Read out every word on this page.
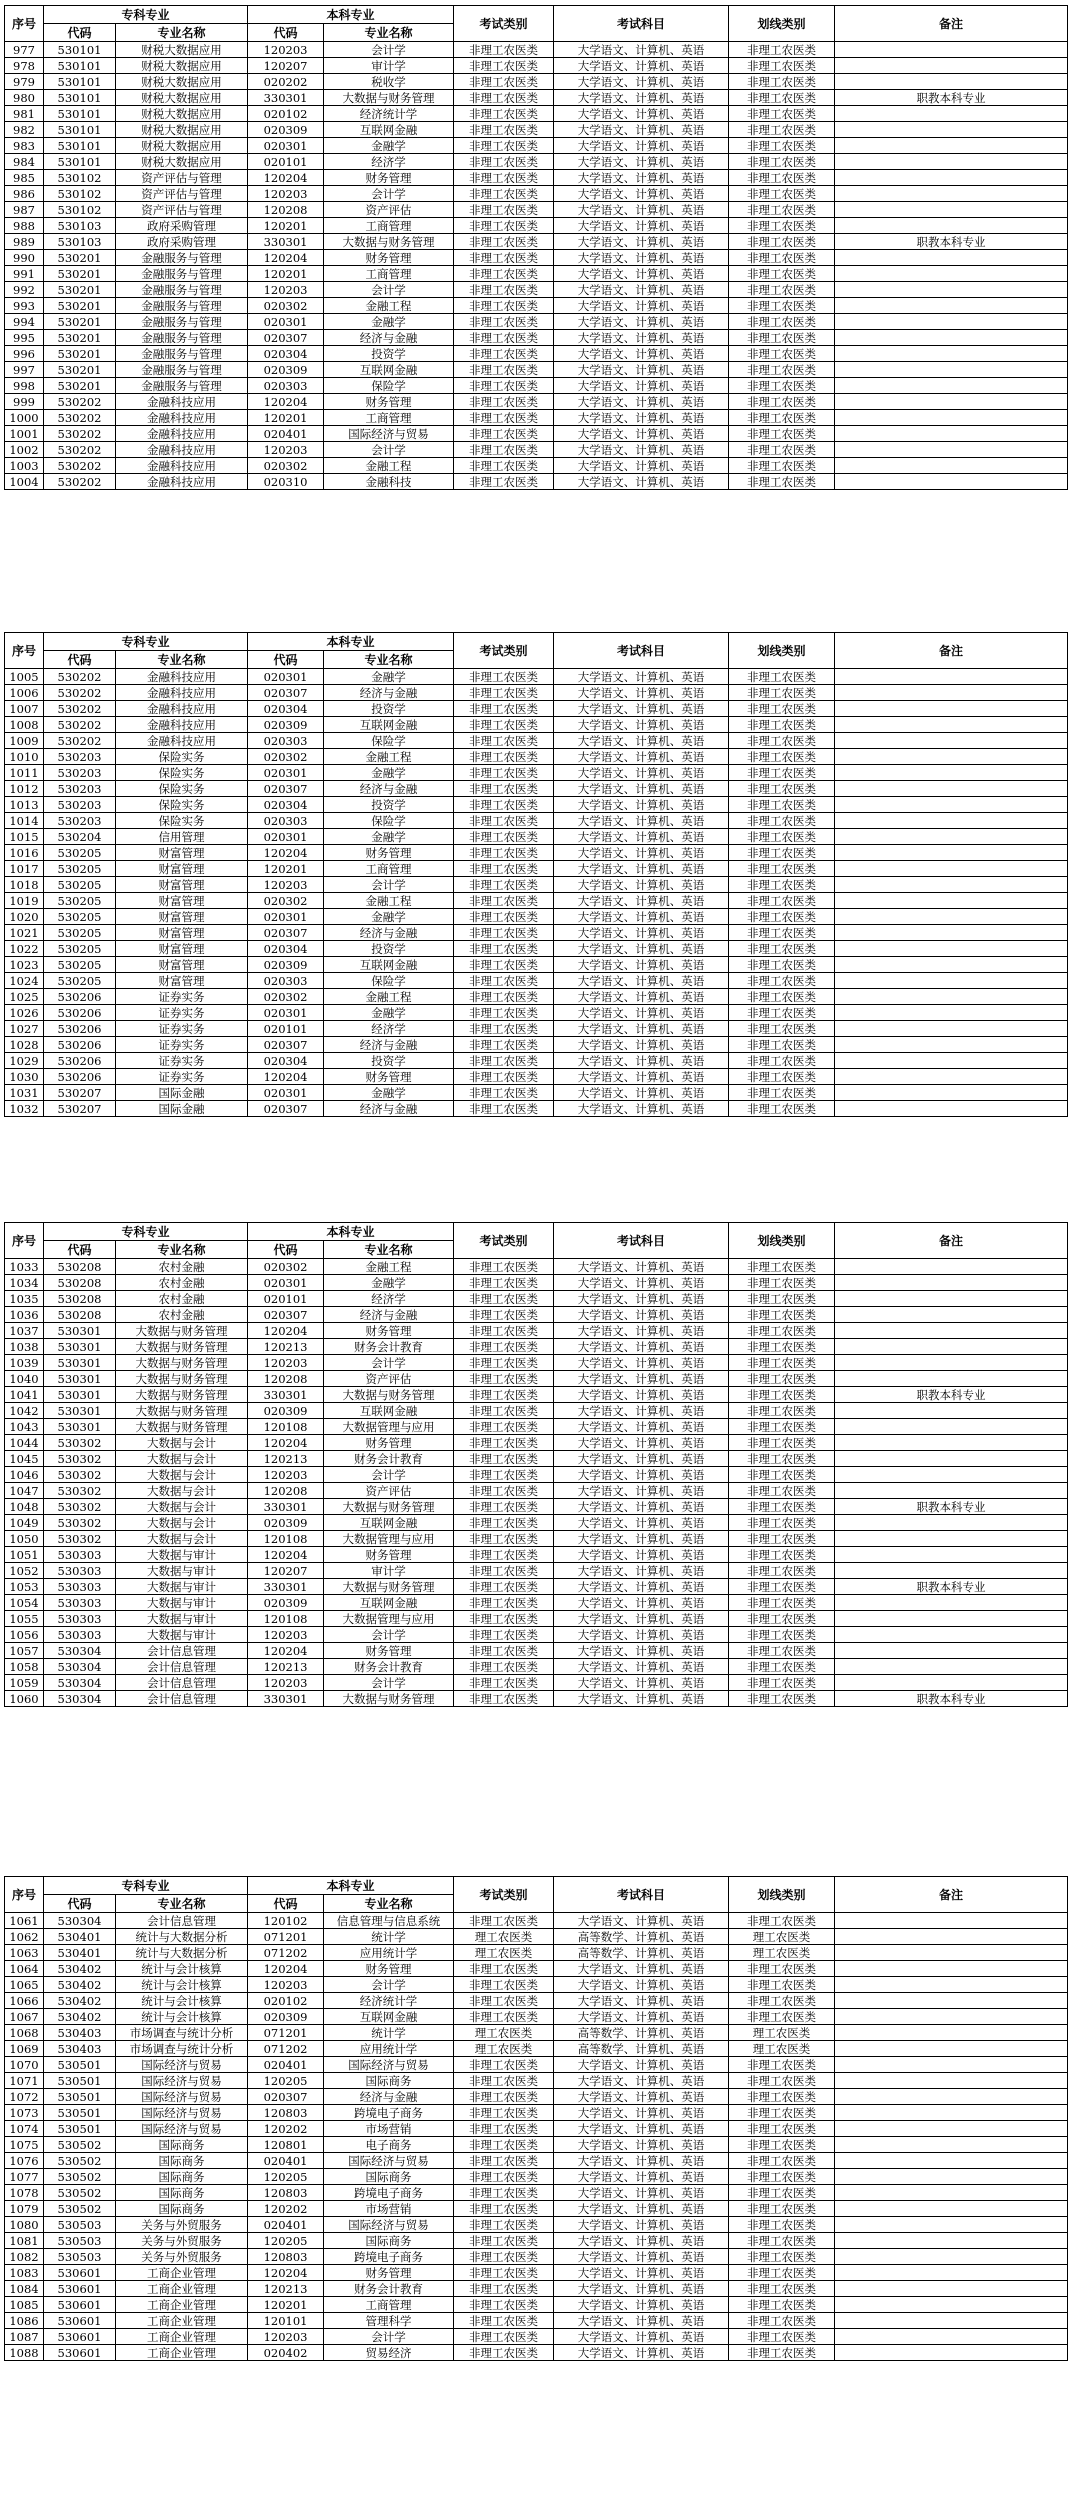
序号	专科专业		本科专业		考试类别	考试科目	划线类别	备注
	代码	专业名称	代码	专业名称				
977	530101	财税大数据应用	120203	会计学	非理工农医类	大学语文、计算机、英语	非理工农医类	
978	530101	财税大数据应用	120207	审计学	非理工农医类	大学语文、计算机、英语	非理工农医类	
979	530101	财税大数据应用	020202	税收学	非理工农医类	大学语文、计算机、英语	非理工农医类	
980	530101	财税大数据应用	330301	大数据与财务管理	非理工农医类	大学语文、计算机、英语	非理工农医类	职教本科专业
981	530101	财税大数据应用	020102	经济统计学	非理工农医类	大学语文、计算机、英语	非理工农医类	
982	530101	财税大数据应用	020309	互联网金融	非理工农医类	大学语文、计算机、英语	非理工农医类	
983	530101	财税大数据应用	020301	金融学	非理工农医类	大学语文、计算机、英语	非理工农医类	
984	530101	财税大数据应用	020101	经济学	非理工农医类	大学语文、计算机、英语	非理工农医类	
985	530102	资产评估与管理	120204	财务管理	非理工农医类	大学语文、计算机、英语	非理工农医类	
986	530102	资产评估与管理	120203	会计学	非理工农医类	大学语文、计算机、英语	非理工农医类	
987	530102	资产评估与管理	120208	资产评估	非理工农医类	大学语文、计算机、英语	非理工农医类	
988	530103	政府采购管理	120201	工商管理	非理工农医类	大学语文、计算机、英语	非理工农医类	
989	530103	政府采购管理	330301	大数据与财务管理	非理工农医类	大学语文、计算机、英语	非理工农医类	职教本科专业
990	530201	金融服务与管理	120204	财务管理	非理工农医类	大学语文、计算机、英语	非理工农医类	
991	530201	金融服务与管理	120201	工商管理	非理工农医类	大学语文、计算机、英语	非理工农医类	
992	530201	金融服务与管理	120203	会计学	非理工农医类	大学语文、计算机、英语	非理工农医类	
993	530201	金融服务与管理	020302	金融工程	非理工农医类	大学语文、计算机、英语	非理工农医类	
994	530201	金融服务与管理	020301	金融学	非理工农医类	大学语文、计算机、英语	非理工农医类	
995	530201	金融服务与管理	020307	经济与金融	非理工农医类	大学语文、计算机、英语	非理工农医类	
996	530201	金融服务与管理	020304	投资学	非理工农医类	大学语文、计算机、英语	非理工农医类	
997	530201	金融服务与管理	020309	互联网金融	非理工农医类	大学语文、计算机、英语	非理工农医类	
998	530201	金融服务与管理	020303	保险学	非理工农医类	大学语文、计算机、英语	非理工农医类	
999	530202	金融科技应用	120204	财务管理	非理工农医类	大学语文、计算机、英语	非理工农医类	
1000	530202	金融科技应用	120201	工商管理	非理工农医类	大学语文、计算机、英语	非理工农医类	
1001	530202	金融科技应用	020401	国际经济与贸易	非理工农医类	大学语文、计算机、英语	非理工农医类	
1002	530202	金融科技应用	120203	会计学	非理工农医类	大学语文、计算机、英语	非理工农医类	
1003	530202	金融科技应用	020302	金融工程	非理工农医类	大学语文、计算机、英语	非理工农医类	
1004	530202	金融科技应用	020310	金融科技	非理工农医类	大学语文、计算机、英语	非理工农医类	
序号	专科专业		本科专业		考试类别	考试科目	划线类别	备注
	代码	专业名称	代码	专业名称				
1005	530202	金融科技应用	020301	金融学	非理工农医类	大学语文、计算机、英语	非理工农医类	
1006	530202	金融科技应用	020307	经济与金融	非理工农医类	大学语文、计算机、英语	非理工农医类	
1007	530202	金融科技应用	020304	投资学	非理工农医类	大学语文、计算机、英语	非理工农医类	
1008	530202	金融科技应用	020309	互联网金融	非理工农医类	大学语文、计算机、英语	非理工农医类	
1009	530202	金融科技应用	020303	保险学	非理工农医类	大学语文、计算机、英语	非理工农医类	
1010	530203	保险实务	020302	金融工程	非理工农医类	大学语文、计算机、英语	非理工农医类	
1011	530203	保险实务	020301	金融学	非理工农医类	大学语文、计算机、英语	非理工农医类	
1012	530203	保险实务	020307	经济与金融	非理工农医类	大学语文、计算机、英语	非理工农医类	
1013	530203	保险实务	020304	投资学	非理工农医类	大学语文、计算机、英语	非理工农医类	
1014	530203	保险实务	020303	保险学	非理工农医类	大学语文、计算机、英语	非理工农医类	
1015	530204	信用管理	020301	金融学	非理工农医类	大学语文、计算机、英语	非理工农医类	
1016	530205	财富管理	120204	财务管理	非理工农医类	大学语文、计算机、英语	非理工农医类	
1017	530205	财富管理	120201	工商管理	非理工农医类	大学语文、计算机、英语	非理工农医类	
1018	530205	财富管理	120203	会计学	非理工农医类	大学语文、计算机、英语	非理工农医类	
1019	530205	财富管理	020302	金融工程	非理工农医类	大学语文、计算机、英语	非理工农医类	
1020	530205	财富管理	020301	金融学	非理工农医类	大学语文、计算机、英语	非理工农医类	
1021	530205	财富管理	020307	经济与金融	非理工农医类	大学语文、计算机、英语	非理工农医类	
1022	530205	财富管理	020304	投资学	非理工农医类	大学语文、计算机、英语	非理工农医类	
1023	530205	财富管理	020309	互联网金融	非理工农医类	大学语文、计算机、英语	非理工农医类	
1024	530205	财富管理	020303	保险学	非理工农医类	大学语文、计算机、英语	非理工农医类	
1025	530206	证券实务	020302	金融工程	非理工农医类	大学语文、计算机、英语	非理工农医类	
1026	530206	证券实务	020301	金融学	非理工农医类	大学语文、计算机、英语	非理工农医类	
1027	530206	证券实务	020101	经济学	非理工农医类	大学语文、计算机、英语	非理工农医类	
1028	530206	证券实务	020307	经济与金融	非理工农医类	大学语文、计算机、英语	非理工农医类	
1029	530206	证券实务	020304	投资学	非理工农医类	大学语文、计算机、英语	非理工农医类	
1030	530206	证券实务	120204	财务管理	非理工农医类	大学语文、计算机、英语	非理工农医类	
1031	530207	国际金融	020301	金融学	非理工农医类	大学语文、计算机、英语	非理工农医类	
1032	530207	国际金融	020307	经济与金融	非理工农医类	大学语文、计算机、英语	非理工农医类	
序号	专科专业		本科专业		考试类别	考试科目	划线类别	备注
	代码	专业名称	代码	专业名称				
1033	530208	农村金融	020302	金融工程	非理工农医类	大学语文、计算机、英语	非理工农医类	
1034	530208	农村金融	020301	金融学	非理工农医类	大学语文、计算机、英语	非理工农医类	
1035	530208	农村金融	020101	经济学	非理工农医类	大学语文、计算机、英语	非理工农医类	
1036	530208	农村金融	020307	经济与金融	非理工农医类	大学语文、计算机、英语	非理工农医类	
1037	530301	大数据与财务管理	120204	财务管理	非理工农医类	大学语文、计算机、英语	非理工农医类	
1038	530301	大数据与财务管理	120213	财务会计教育	非理工农医类	大学语文、计算机、英语	非理工农医类	
1039	530301	大数据与财务管理	120203	会计学	非理工农医类	大学语文、计算机、英语	非理工农医类	
1040	530301	大数据与财务管理	120208	资产评估	非理工农医类	大学语文、计算机、英语	非理工农医类	
1041	530301	大数据与财务管理	330301	大数据与财务管理	非理工农医类	大学语文、计算机、英语	非理工农医类	职教本科专业
1042	530301	大数据与财务管理	020309	互联网金融	非理工农医类	大学语文、计算机、英语	非理工农医类	
1043	530301	大数据与财务管理	120108	大数据管理与应用	非理工农医类	大学语文、计算机、英语	非理工农医类	
1044	530302	大数据与会计	120204	财务管理	非理工农医类	大学语文、计算机、英语	非理工农医类	
1045	530302	大数据与会计	120213	财务会计教育	非理工农医类	大学语文、计算机、英语	非理工农医类	
1046	530302	大数据与会计	120203	会计学	非理工农医类	大学语文、计算机、英语	非理工农医类	
1047	530302	大数据与会计	120208	资产评估	非理工农医类	大学语文、计算机、英语	非理工农医类	
1048	530302	大数据与会计	330301	大数据与财务管理	非理工农医类	大学语文、计算机、英语	非理工农医类	职教本科专业
1049	530302	大数据与会计	020309	互联网金融	非理工农医类	大学语文、计算机、英语	非理工农医类	
1050	530302	大数据与会计	120108	大数据管理与应用	非理工农医类	大学语文、计算机、英语	非理工农医类	
1051	530303	大数据与审计	120204	财务管理	非理工农医类	大学语文、计算机、英语	非理工农医类	
1052	530303	大数据与审计	120207	审计学	非理工农医类	大学语文、计算机、英语	非理工农医类	
1053	530303	大数据与审计	330301	大数据与财务管理	非理工农医类	大学语文、计算机、英语	非理工农医类	职教本科专业
1054	530303	大数据与审计	020309	互联网金融	非理工农医类	大学语文、计算机、英语	非理工农医类	
1055	530303	大数据与审计	120108	大数据管理与应用	非理工农医类	大学语文、计算机、英语	非理工农医类	
1056	530303	大数据与审计	120203	会计学	非理工农医类	大学语文、计算机、英语	非理工农医类	
1057	530304	会计信息管理	120204	财务管理	非理工农医类	大学语文、计算机、英语	非理工农医类	
1058	530304	会计信息管理	120213	财务会计教育	非理工农医类	大学语文、计算机、英语	非理工农医类	
1059	530304	会计信息管理	120203	会计学	非理工农医类	大学语文、计算机、英语	非理工农医类	
1060	530304	会计信息管理	330301	大数据与财务管理	非理工农医类	大学语文、计算机、英语	非理工农医类	职教本科专业
序号	专科专业		本科专业		考试类别	考试科目	划线类别	备注
	代码	专业名称	代码	专业名称				
1061	530304	会计信息管理	120102	信息管理与信息系统	非理工农医类	大学语文、计算机、英语	非理工农医类	
1062	530401	统计与大数据分析	071201	统计学	理工农医类	高等数学、计算机、英语	理工农医类	
1063	530401	统计与大数据分析	071202	应用统计学	理工农医类	高等数学、计算机、英语	理工农医类	
1064	530402	统计与会计核算	120204	财务管理	非理工农医类	大学语文、计算机、英语	非理工农医类	
1065	530402	统计与会计核算	120203	会计学	非理工农医类	大学语文、计算机、英语	非理工农医类	
1066	530402	统计与会计核算	020102	经济统计学	非理工农医类	大学语文、计算机、英语	非理工农医类	
1067	530402	统计与会计核算	020309	互联网金融	非理工农医类	大学语文、计算机、英语	非理工农医类	
1068	530403	市场调查与统计分析	071201	统计学	理工农医类	高等数学、计算机、英语	理工农医类	
1069	530403	市场调查与统计分析	071202	应用统计学	理工农医类	高等数学、计算机、英语	理工农医类	
1070	530501	国际经济与贸易	020401	国际经济与贸易	非理工农医类	大学语文、计算机、英语	非理工农医类	
1071	530501	国际经济与贸易	120205	国际商务	非理工农医类	大学语文、计算机、英语	非理工农医类	
1072	530501	国际经济与贸易	020307	经济与金融	非理工农医类	大学语文、计算机、英语	非理工农医类	
1073	530501	国际经济与贸易	120803	跨境电子商务	非理工农医类	大学语文、计算机、英语	非理工农医类	
1074	530501	国际经济与贸易	120202	市场营销	非理工农医类	大学语文、计算机、英语	非理工农医类	
1075	530502	国际商务	120801	电子商务	非理工农医类	大学语文、计算机、英语	非理工农医类	
1076	530502	国际商务	020401	国际经济与贸易	非理工农医类	大学语文、计算机、英语	非理工农医类	
1077	530502	国际商务	120205	国际商务	非理工农医类	大学语文、计算机、英语	非理工农医类	
1078	530502	国际商务	120803	跨境电子商务	非理工农医类	大学语文、计算机、英语	非理工农医类	
1079	530502	国际商务	120202	市场营销	非理工农医类	大学语文、计算机、英语	非理工农医类	
1080	530503	关务与外贸服务	020401	国际经济与贸易	非理工农医类	大学语文、计算机、英语	非理工农医类	
1081	530503	关务与外贸服务	120205	国际商务	非理工农医类	大学语文、计算机、英语	非理工农医类	
1082	530503	关务与外贸服务	120803	跨境电子商务	非理工农医类	大学语文、计算机、英语	非理工农医类	
1083	530601	工商企业管理	120204	财务管理	非理工农医类	大学语文、计算机、英语	非理工农医类	
1084	530601	工商企业管理	120213	财务会计教育	非理工农医类	大学语文、计算机、英语	非理工农医类	
1085	530601	工商企业管理	120201	工商管理	非理工农医类	大学语文、计算机、英语	非理工农医类	
1086	530601	工商企业管理	120101	管理科学	非理工农医类	大学语文、计算机、英语	非理工农医类	
1087	530601	工商企业管理	120203	会计学	非理工农医类	大学语文、计算机、英语	非理工农医类	
1088	530601	工商企业管理	020402	贸易经济	非理工农医类	大学语文、计算机、英语	非理工农医类	
